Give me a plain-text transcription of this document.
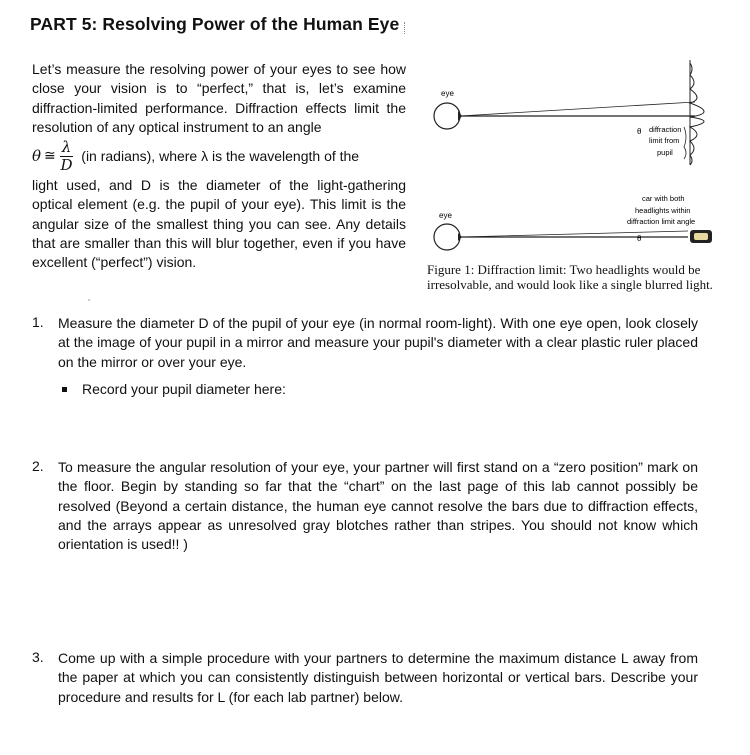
PART 5: Resolving Power of the Human Eye

Let’s measure the resolving power of your eyes to see how close your vision is to “perfect,” that is, let’s examine diffraction-limited performance. Diffraction effects limit the resolution of any optical instrument to an angle

θ ≅ $\frac{\lambda}{D} (in$ radians), where λ is the wavelength of the

light used, and D is the diameter of the light-gathering optical element (e.g. the pupil of your eye). This limit is the angular size of the smallest thing you can see. Any details that are smaller than this will blur together, even if you have excellent (“perfect”) vision.

eye
θ diffraction
limit from
pupil
car with both
headlights within
diffraction limit angle
eye
θ
Figure 1: Diffraction limit: Two headlights would be irresolvable, and would look like a single blurred light.
1. Measure the diameter D of the pupil of your eye (in normal room-light). With one eye open, look closely at the image of your pupil in a mirror and measure your pupil's diameter with a clear plastic ruler placed on the mirror or over your eye.
Record your pupil diameter here:
2. To measure the angular resolution of your eye, your partner will first stand on a “zero position” mark on the floor. Begin by standing so far that the “chart” on the last page of this lab cannot possibly be resolved (Beyond a certain distance, the human eye cannot resolve the bars due to diffraction effects, and the arrays appear as unresolved gray blotches rather than stripes. You should not know which orientation is used!! )
3. Come up with a simple procedure with your partners to determine the maximum distance L away from the paper at which you can consistently distinguish between horizontal or vertical bars. Describe your procedure and results for L (for each lab partner) below.
